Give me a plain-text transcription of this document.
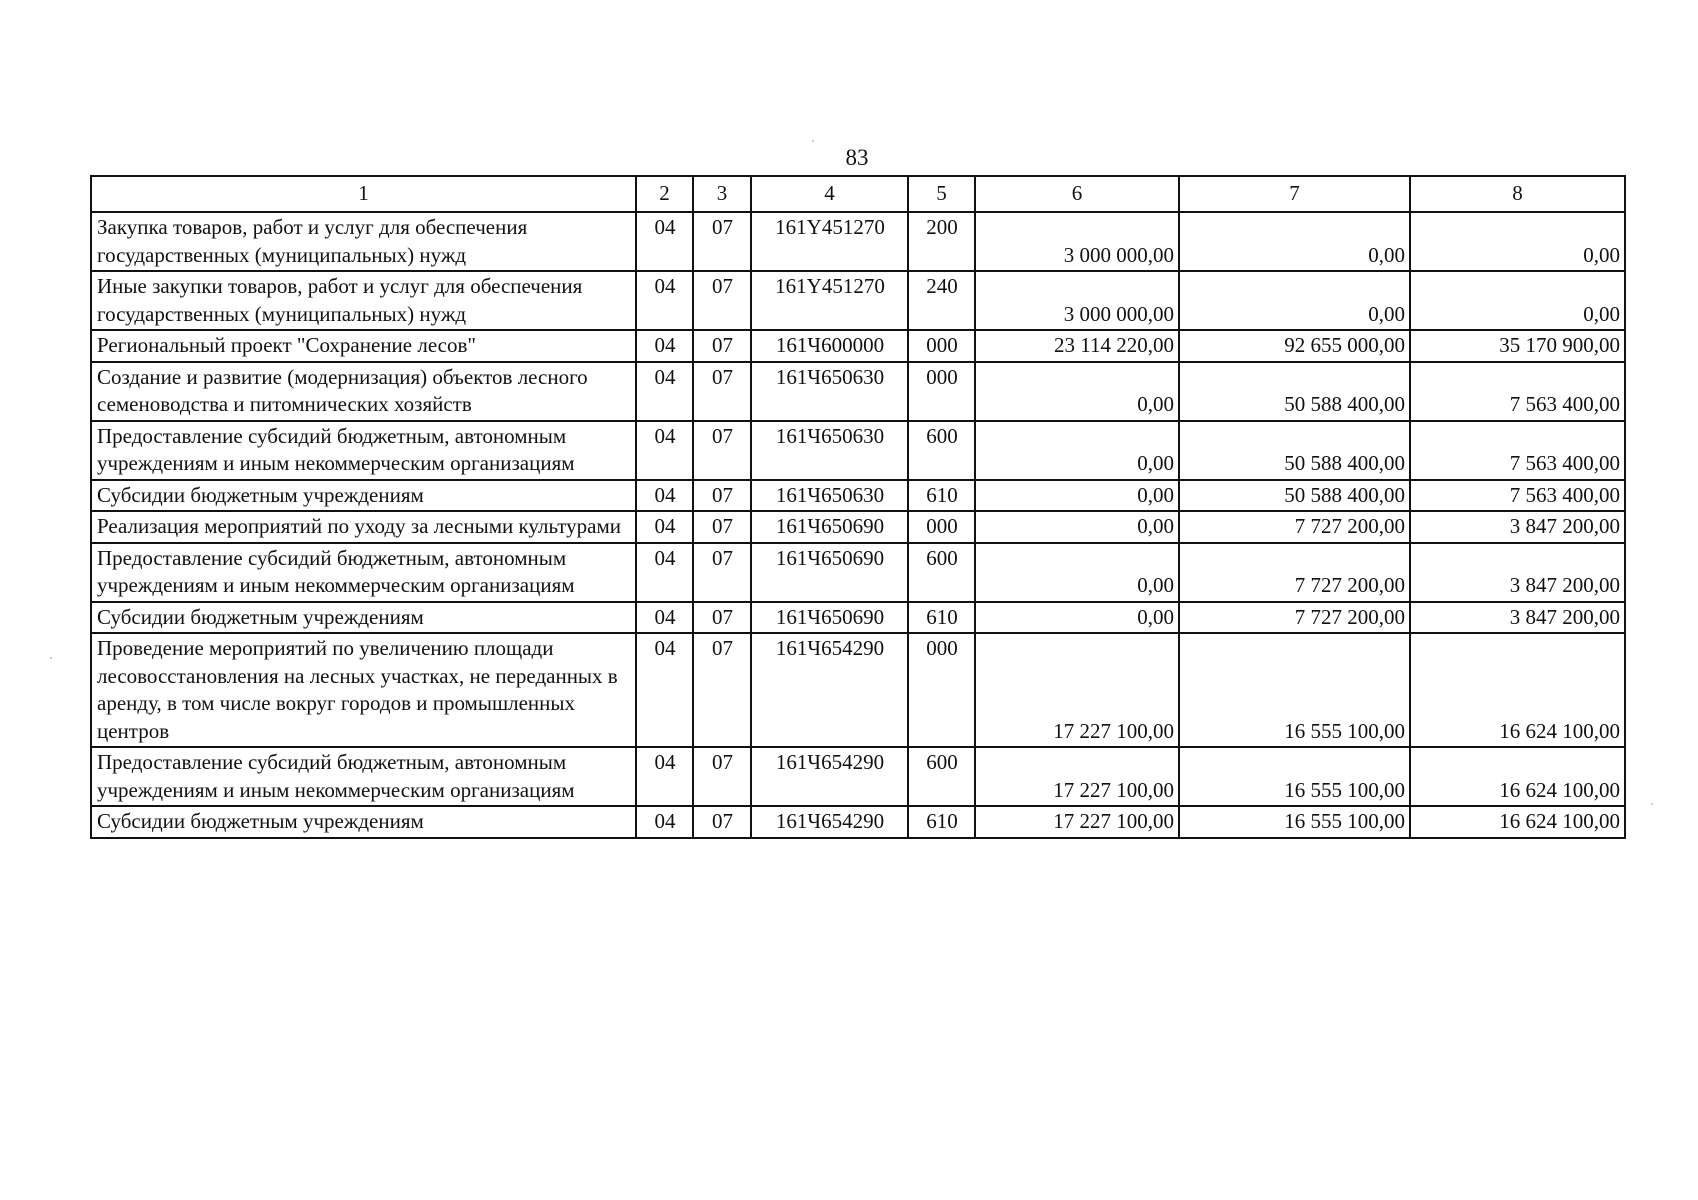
83
1	2	3	4	5	6	7	8
Закупка товаров, работ и услуг для обеспечения государственных (муниципальных) нужд	04	07	161Y451270	200	3 000 000,00	0,00	0,00
Иные закупки товаров, работ и услуг для обеспечения государственных (муниципальных) нужд	04	07	161Y451270	240	3 000 000,00	0,00	0,00
Региональный проект "Сохранение лесов"	04	07	161Ч600000	000	23 114 220,00	92 655 000,00	35 170 900,00
Создание и развитие (модернизация) объектов лесного семеноводства и питомнических хозяйств	04	07	161Ч650630	000	0,00	50 588 400,00	7 563 400,00
Предоставление субсидий бюджетным, автономным учреждениям и иным некоммерческим организациям	04	07	161Ч650630	600	0,00	50 588 400,00	7 563 400,00
Субсидии бюджетным учреждениям	04	07	161Ч650630	610	0,00	50 588 400,00	7 563 400,00
Реализация мероприятий по уходу за лесными культурами	04	07	161Ч650690	000	0,00	7 727 200,00	3 847 200,00
Предоставление субсидий бюджетным, автономным учреждениям и иным некоммерческим организациям	04	07	161Ч650690	600	0,00	7 727 200,00	3 847 200,00
Субсидии бюджетным учреждениям	04	07	161Ч650690	610	0,00	7 727 200,00	3 847 200,00
Проведение мероприятий по увеличению площади лесовосстановления на лесных участках, не переданных в аренду, в том числе вокруг городов и промышленных центров	04	07	161Ч654290	000	17 227 100,00	16 555 100,00	16 624 100,00
Предоставление субсидий бюджетным, автономным учреждениям и иным некоммерческим организациям	04	07	161Ч654290	600	17 227 100,00	16 555 100,00	16 624 100,00
Субсидии бюджетным учреждениям	04	07	161Ч654290	610	17 227 100,00	16 555 100,00	16 624 100,00
